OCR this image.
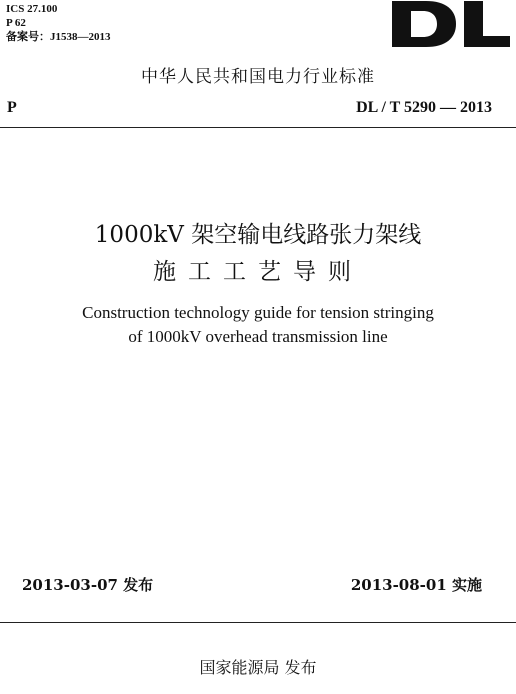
ICS 27.100
P 62
备案号：J1538—2013
中华人民共和国电力行业标准
P	DL / T 5290 — 2013
1000kV 架空输电线路张力架线
施工工艺导则
Construction technology guide for tension stringing
of 1000kV overhead transmission line
2013-03-07 发布	2013-08-01 实施
国家能源局 发布
